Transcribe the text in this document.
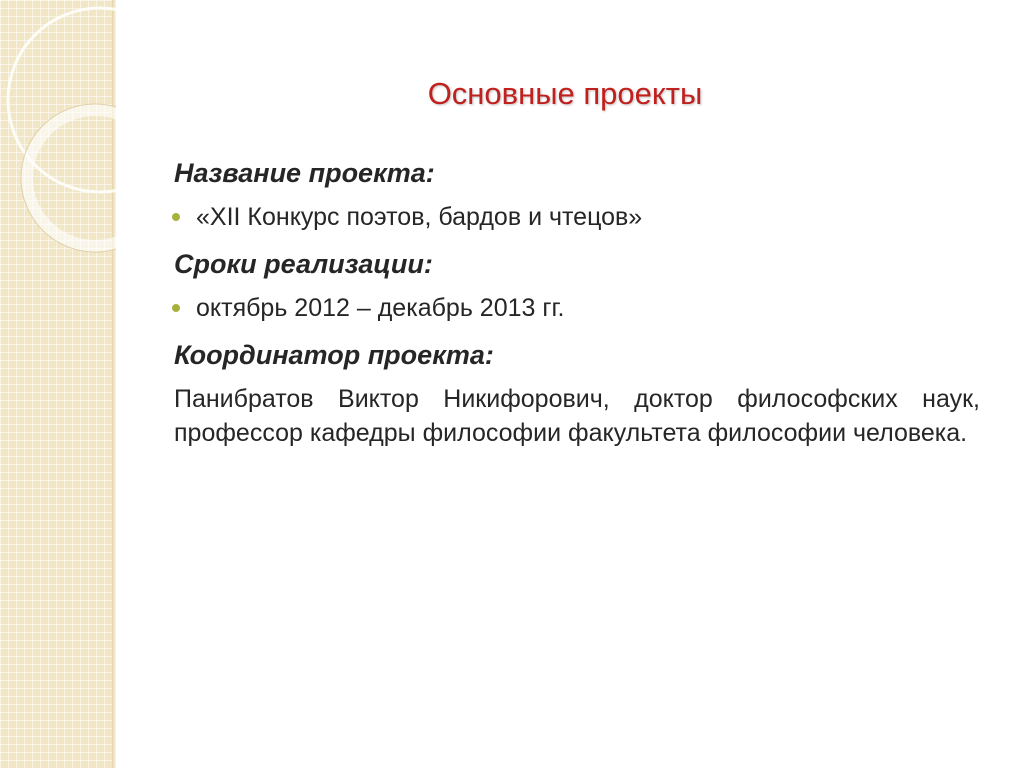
Основные проекты
Название проекта:
«XII Конкурс поэтов, бардов и чтецов»
Сроки реализации:
октябрь 2012 – декабрь 2013 гг.
Координатор проекта:

Панибратов Виктор Никифорович, доктор философских наук, профессор кафедры философии факультета философии человека.
